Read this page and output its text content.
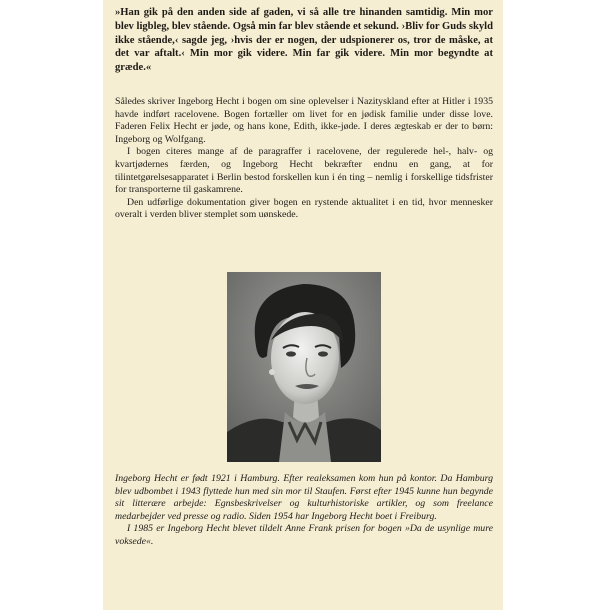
»Han gik på den anden side af gaden, vi så alle tre hinanden samtidig. Min mor blev ligbleg, blev stående. Også min far blev stående et sekund. ›Bliv for Guds skyld ikke stående,‹ sagde jeg, ›hvis der er nogen, der udspionerer os, tror de måske, at det var aftalt.‹ Min mor gik videre. Min far gik videre. Min mor begyndte at græde.«

Således skriver Ingeborg Hecht i bogen om sine oplevelser i Nazityskland efter at Hitler i 1935 havde indført racelovene. Bogen fortæller om livet for en jødisk familie under disse love. Faderen Felix Hecht er jøde, og hans kone, Edith, ikke-jøde. I deres ægteskab er der to børn: Ingeborg og Wolfgang.

I bogen citeres mange af de paragraffer i racelovene, der regulerede hel-, halv- og kvartjødernes færden, og Ingeborg Hecht bekræfter endnu en gang, at for tilintetgørelsesapparatet i Berlin bestod forskellen kun i én ting – nemlig i forskellige tidsfrister for transporterne til gaskamrene.

Den udførlige dokumentation giver bogen en rystende aktualitet i en tid, hvor mennesker overalt i verden bliver stemplet som uønskede.

Ingeborg Hecht er født 1921 i Hamburg. Efter realeksamen kom hun på kontor. Da Hamburg blev udbombet i 1943 flyttede hun med sin mor til Staufen. Først efter 1945 kunne hun begynde sit litterære arbejde: Egnsbeskrivelser og kulturhistoriske artikler, og som freelance medarbejder ved presse og radio. Siden 1954 har Ingeborg Hecht boet i Freiburg.

I 1985 er Ingeborg Hecht blevet tildelt Anne Frank prisen for bogen »Da de usynlige mure voksede«.
